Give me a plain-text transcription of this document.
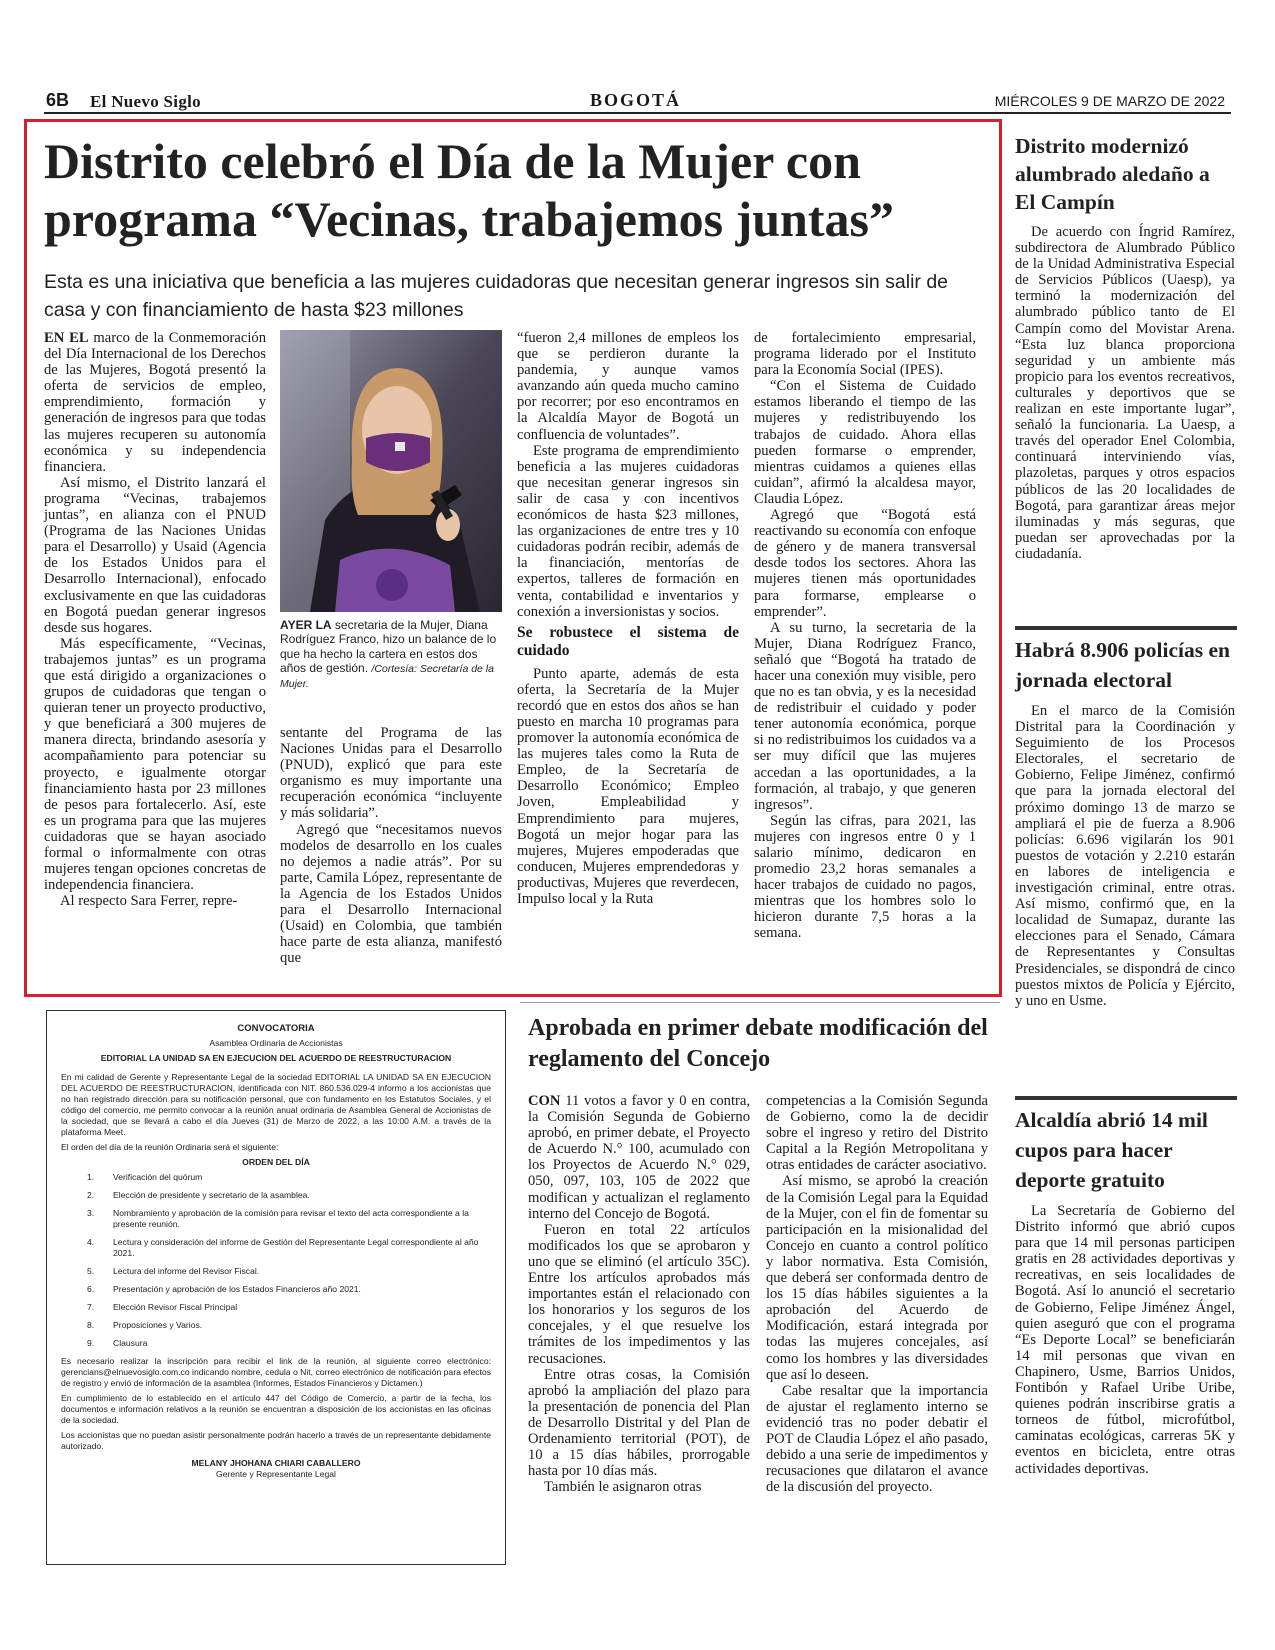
6B El Nuevo Siglo	BOGOTÁ	MIÉRCOLES 9 DE MARZO DE 2022
Distrito celebró el Día de la Mujer con programa “Vecinas, trabajemos juntas”
Esta es una iniciativa que beneficia a las mujeres cuidadoras que necesitan generar ingresos sin salir de casa y con financiamiento de hasta $23 millones

EN EL marco de la Conmemoración del Día Internacional de los Derechos de las Mujeres, Bogotá presentó la oferta de servicios de empleo, emprendimiento, formación y generación de ingresos para que todas las mujeres recuperen su autonomía económica y su independencia financiera.

Así mismo, el Distrito lanzará el programa “Vecinas, trabajemos juntas”, en alianza con el PNUD (Programa de las Naciones Unidas para el Desarrollo) y Usaid (Agencia de los Estados Unidos para el Desarrollo Internacional), enfocado exclusivamente en que las cuidadoras en Bogotá puedan generar ingresos desde sus hogares.

Más específicamente, “Vecinas, trabajemos juntas” es un programa que está dirigido a organizaciones o grupos de cuidadoras que tengan o quieran tener un proyecto productivo, y que beneficiará a 300 mujeres de manera directa, brindando asesoría y acompañamiento para potenciar su proyecto, e igualmente otorgar financiamiento hasta por 23 millones de pesos para fortalecerlo. Así, este es un programa para que las mujeres cuidadoras que se hayan asociado formal o informalmente con otras mujeres tengan opciones concretas de independencia financiera.

Al respecto Sara Ferrer, repre-

AYER LA secretaria de la Mujer, Diana Rodríguez Franco, hizo un balance de lo que ha hecho la cartera en estos dos años de gestión. /Cortesía: Secretaría de la Mujer.

sentante del Programa de las Naciones Unidas para el Desarrollo (PNUD), explicó que para este organismo es muy importante una recuperación económica “incluyente y más solidaria”.

Agregó que “necesitamos nuevos modelos de desarrollo en los cuales no dejemos a nadie atrás”. Por su parte, Camila López, representante de la Agencia de los Estados Unidos para el Desarrollo Internacional (Usaid) en Colombia, que también hace parte de esta alianza, manifestó que

“fueron 2,4 millones de empleos los que se perdieron durante la pandemia, y aunque vamos avanzando aún queda mucho camino por recorrer; por eso encontramos en la Alcaldía Mayor de Bogotá un confluencia de voluntades”.

Este programa de emprendimiento beneficia a las mujeres cuidadoras que necesitan generar ingresos sin salir de casa y con incentivos económicos de hasta $23 millones, las organizaciones de entre tres y 10 cuidadoras podrán recibir, además de la financiación, mentorías de expertos, talleres de formación en venta, contabilidad e inventarios y conexión a inversionistas y socios.

Se robustece el sistema de cuidado

Punto aparte, además de esta oferta, la Secretaría de la Mujer recordó que en estos dos años se han puesto en marcha 10 programas para promover la autonomía económica de las mujeres tales como la Ruta de Empleo, de la Secretaría de Desarrollo Económico; Empleo Joven, Empleabilidad y Emprendimiento para mujeres, Bogotá un mejor hogar para las mujeres, Mujeres empoderadas que conducen, Mujeres emprendedoras y productivas, Mujeres que reverdecen, Impulso local y la Ruta

de fortalecimiento empresarial, programa liderado por el Instituto para la Economía Social (IPES).

“Con el Sistema de Cuidado estamos liberando el tiempo de las mujeres y redistribuyendo los trabajos de cuidado. Ahora ellas pueden formarse o emprender, mientras cuidamos a quienes ellas cuidan”, afirmó la alcaldesa mayor, Claudia López.

Agregó que “Bogotá está reactivando su economía con enfoque de género y de manera transversal desde todos los sectores. Ahora las mujeres tienen más oportunidades para formarse, emplearse o emprender”.

A su turno, la secretaria de la Mujer, Diana Rodríguez Franco, señaló que “Bogotá ha tratado de hacer una conexión muy visible, pero que no es tan obvia, y es la necesidad de redistribuir el cuidado y poder tener autonomía económica, porque si no redistribuimos los cuidados va a ser muy difícil que las mujeres accedan a las oportunidades, a la formación, al trabajo, y que generen ingresos”.

Según las cifras, para 2021, las mujeres con ingresos entre 0 y 1 salario mínimo, dedicaron en promedio 23,2 horas semanales a hacer trabajos de cuidado no pagos, mientras que los hombres solo lo hicieron durante 7,5 horas a la semana.

Distrito modernizó alumbrado aledaño a El Campín

De acuerdo con Íngrid Ramírez, subdirectora de Alumbrado Público de la Unidad Administrativa Especial de Servicios Públicos (Uaesp), ya terminó la modernización del alumbrado público tanto de El Campín como del Movistar Arena. “Esta luz blanca proporciona seguridad y un ambiente más propicio para los eventos recreativos, culturales y deportivos que se realizan en este importante lugar”, señaló la funcionaria. La Uaesp, a través del operador Enel Colombia, continuará interviniendo vías, plazoletas, parques y otros espacios públicos de las 20 localidades de Bogotá, para garantizar áreas mejor iluminadas y más seguras, que puedan ser aprovechadas por la ciudadanía.

Habrá 8.906 policías en jornada electoral

En el marco de la Comisión Distrital para la Coordinación y Seguimiento de los Procesos Electorales, el secretario de Gobierno, Felipe Jiménez, confirmó que para la jornada electoral del próximo domingo 13 de marzo se ampliará el pie de fuerza a 8.906 policías: 6.696 vigilarán los 901 puestos de votación y 2.210 estarán en labores de inteligencia e investigación criminal, entre otras. Así mismo, confirmó que, en la localidad de Sumapaz, durante las elecciones para el Senado, Cámara de Representantes y Consultas Presidenciales, se dispondrá de cinco puestos mixtos de Policía y Ejército, y uno en Usme.

Alcaldía abrió 14 mil cupos para hacer deporte gratuito

La Secretaría de Gobierno del Distrito informó que abrió cupos para que 14 mil personas participen gratis en 28 actividades deportivas y recreativas, en seis localidades de Bogotá. Así lo anunció el secretario de Gobierno, Felipe Jiménez Ángel, quien aseguró que con el programa “Es Deporte Local” se beneficiarán 14 mil personas que vivan en Chapinero, Usme, Barrios Unidos, Fontibón y Rafael Uribe Uribe, quienes podrán inscribirse gratis a torneos de fútbol, microfútbol, caminatas ecológicas, carreras 5K y eventos en bicicleta, entre otras actividades deportivas.

CONVOCATORIA
Asamblea Ordinaria de Accionistas
EDITORIAL LA UNIDAD SA EN EJECUCION DEL ACUERDO DE REESTRUCTURACION

En mi calidad de Gerente y Representante Legal de la sociedad EDITORIAL LA UNIDAD SA EN EJECUCION DEL ACUERDO DE REESTRUCTURACION, identificada con NIT. 860.536.029-4 informo a los accionistas que no han registrado dirección para su notificación personal, que con fundamento en los Estatutos Sociales, y el código del comercio, me permito convocar a la reunión anual ordinaria de Asamblea General de Accionistas de la sociedad, que se llevará a cabo el día Jueves (31) de Marzo de 2022, a las 10:00 A.M. a través de la plataforma Meet.

El orden del día de la reunión Ordinaria será el siguiente:

ORDEN DEL DÍA
1.	Verificación del quórum
2.	Elección de presidente y secretario de la asamblea.
3.	Nombramiento y aprobación de la comisión para revisar el texto del acta correspondiente a la presente reunión.
4.	Lectura y consideración del informe de Gestión del Representante Legal correspondiente al año 2021.
5.	Lectura del informe del Revisor Fiscal.
6.	Presentación y aprobación de los Estados Financieros año 2021.
7.	Elección Revisor Fiscal Principal
8.	Proposiciones y Varios.
9.	Clausura

Es necesario realizar la inscripción para recibir el link de la reunión, al siguiente correo electrónico: gerencians@elnuevosiglo.com.co indicando nombre, cedula o Nit, correo electrónico de notificación para efectos de registro y envió de información de la asamblea (Informes, Estados Financieros y Dictamen.)

En cumplimiento de lo establecido en el artículo 447 del Código de Comercio, a partir de la fecha, los documentos e información relativos a la reunión se encuentran a disposición de los accionistas en las oficinas de la sociedad.

Los accionistas que no puedan asistir personalmente podrán hacerlo a través de un representante debidamente autorizado.

MELANY JHOHANA CHIARI CABALLERO
Gerente y Representante Legal
Aprobada en primer debate modificación del reglamento del Concejo

CON 11 votos a favor y 0 en contra, la Comisión Segunda de Gobierno aprobó, en primer debate, el Proyecto de Acuerdo N.° 100, acumulado con los Proyectos de Acuerdo N.° 029, 050, 097, 103, 105 de 2022 que modifican y actualizan el reglamento interno del Concejo de Bogotá.

Fueron en total 22 artículos modificados los que se aprobaron y uno que se eliminó (el artículo 35C). Entre los artículos aprobados más importantes están el relacionado con los honorarios y los seguros de los concejales, y el que resuelve los trámites de los impedimentos y las recusaciones.

Entre otras cosas, la Comisión aprobó la ampliación del plazo para la presentación de ponencia del Plan de Desarrollo Distrital y del Plan de Ordenamiento territorial (POT), de 10 a 15 días hábiles, prorrogable hasta por 10 días más.

También le asignaron otras

competencias a la Comisión Segunda de Gobierno, como la de decidir sobre el ingreso y retiro del Distrito Capital a la Región Metropolitana y otras entidades de carácter asociativo.

Así mismo, se aprobó la creación de la Comisión Legal para la Equidad de la Mujer, con el fin de fomentar su participación en la misionalidad del Concejo en cuanto a control político y labor normativa. Esta Comisión, que deberá ser conformada dentro de los 15 días hábiles siguientes a la aprobación del Acuerdo de Modificación, estará integrada por todas las mujeres concejales, así como los hombres y las diversidades que así lo deseen.

Cabe resaltar que la importancia de ajustar el reglamento interno se evidenció tras no poder debatir el POT de Claudia López el año pasado, debido a una serie de impedimentos y recusaciones que dilataron el avance de la discusión del proyecto.
